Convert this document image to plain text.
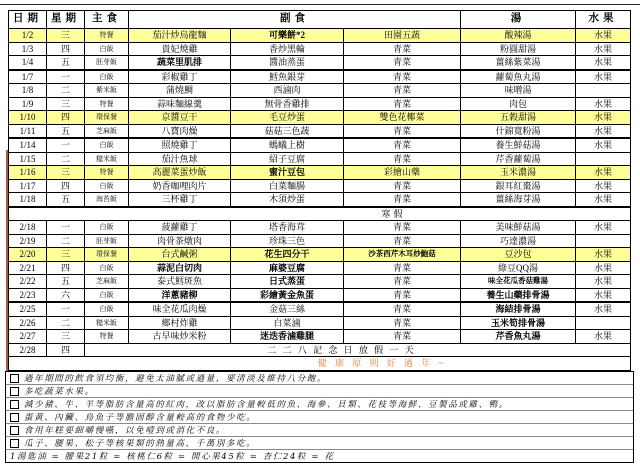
日期	星期	主食	副食			湯	水果
1/2	三	特餐	茄汁炒烏龍麵	可樂餅*2	田園五蔬	酸辣湯	水果
1/3	四	白飯	貴妃燒雞	香炒黑輪	青菜	粉圓甜湯	水果
1/4	五	胚芽飯	蔬菜里肌排	醬油蒸蛋	青菜	薑絲紫菜湯	水果
1/7	一	白飯	彩椒雞丁	鱈魚銀芽	青菜	蘿蔔魚丸湯	水果
1/8	二	紫米飯	蒲燒鯛	西滷肉	青菜	味噌湯	
1/9	三	特餐	蒜味麵線羹	無骨香雞排	青菜	肉包	水果
1/10	四	環保餐	京醬豆干	毛豆炒蛋	雙色花椰菜	五穀甜湯	水果
1/11	五	芝麻飯	八寶肉燥	菇菇三色蔬	青菜	什錦寬粉湯	水果
1/14	一	白飯	照燒雞丁	螞蟻上樹	青菜	養生鮮菇湯	水果
1/15	二	糙米飯	茄汁魚球	紹子豆腐	青菜	芹香蘿蔔湯	
1/16	三	特餐	高麗菜蛋炒飯	蜜汁豆包	彩繪山藥	玉米濃湯	水果
1/17	四	白飯	奶香咖哩肉片	白菜麵腸	青菜	銀耳紅棗湯	水果
1/18	五	海苔飯	三杯雞丁	木須炒蛋	青菜	薑絲海芽湯	水果
寒假							
2/18	一	白飯	菠蘿雞丁	塔香海茸	青菜	美味鮮菇湯	水果
2/19	二	胚芽飯	肉骨茶燉肉	珍珠三色	青菜	巧達濃湯	
2/20	三	環保餐	台式鹹粥	花生四分干	沙茶西芹木耳炒鮑菇	豆沙包	水果
2/21	四	白飯	蒜泥白切肉	麻婆豆腐	青菜	綠豆QQ湯	水果
2/22	五	芝麻飯	泰式鱈斑魚	日式蒸蛋	青菜	味全花瓜香菇雞湯	水果
2/23	六	白飯	洋蔥豬柳	彩繪黃金魚蛋	青菜	養生山藥排骨湯	水果
2/25	一	白飯	味全花瓜肉燥	金菇三絲	青菜	海結排骨湯	水果
2/26	二	糙米飯	鄉村炸雞	白菜滷	青菜	玉米筍排骨湯	
2/27	三	特餐	古早味炒米粉	迷迭香滷雞腿	青菜	芹香魚丸湯	水果
2/28	四	二 二 八 記 念 日 放 假 一 天					
健 康 原 則 好 過 年 ~							
過年期間的飲食須均衡，避免太油膩或過量，要清淡及維持八分飽。
多吃蔬菜水果。
減少豬、牛、羊等脂肪含量高的紅肉，改以脂肪含量較低的魚、海參、貝類、花枝等海鮮、豆製品或雞、鴨。
蛋黃、內臟、烏魚子等膽固醇含量較高的食物少吃。
食用年糕要細嚼慢嚥，以免噎到或消化不良。
瓜子、腰果、松子等核果類的熱量高，千萬別多吃。
1湯匙油 = 腰果21粒 = 核桃仁6粒 = 開心果45粒 = 杏仁24粒 = 花
